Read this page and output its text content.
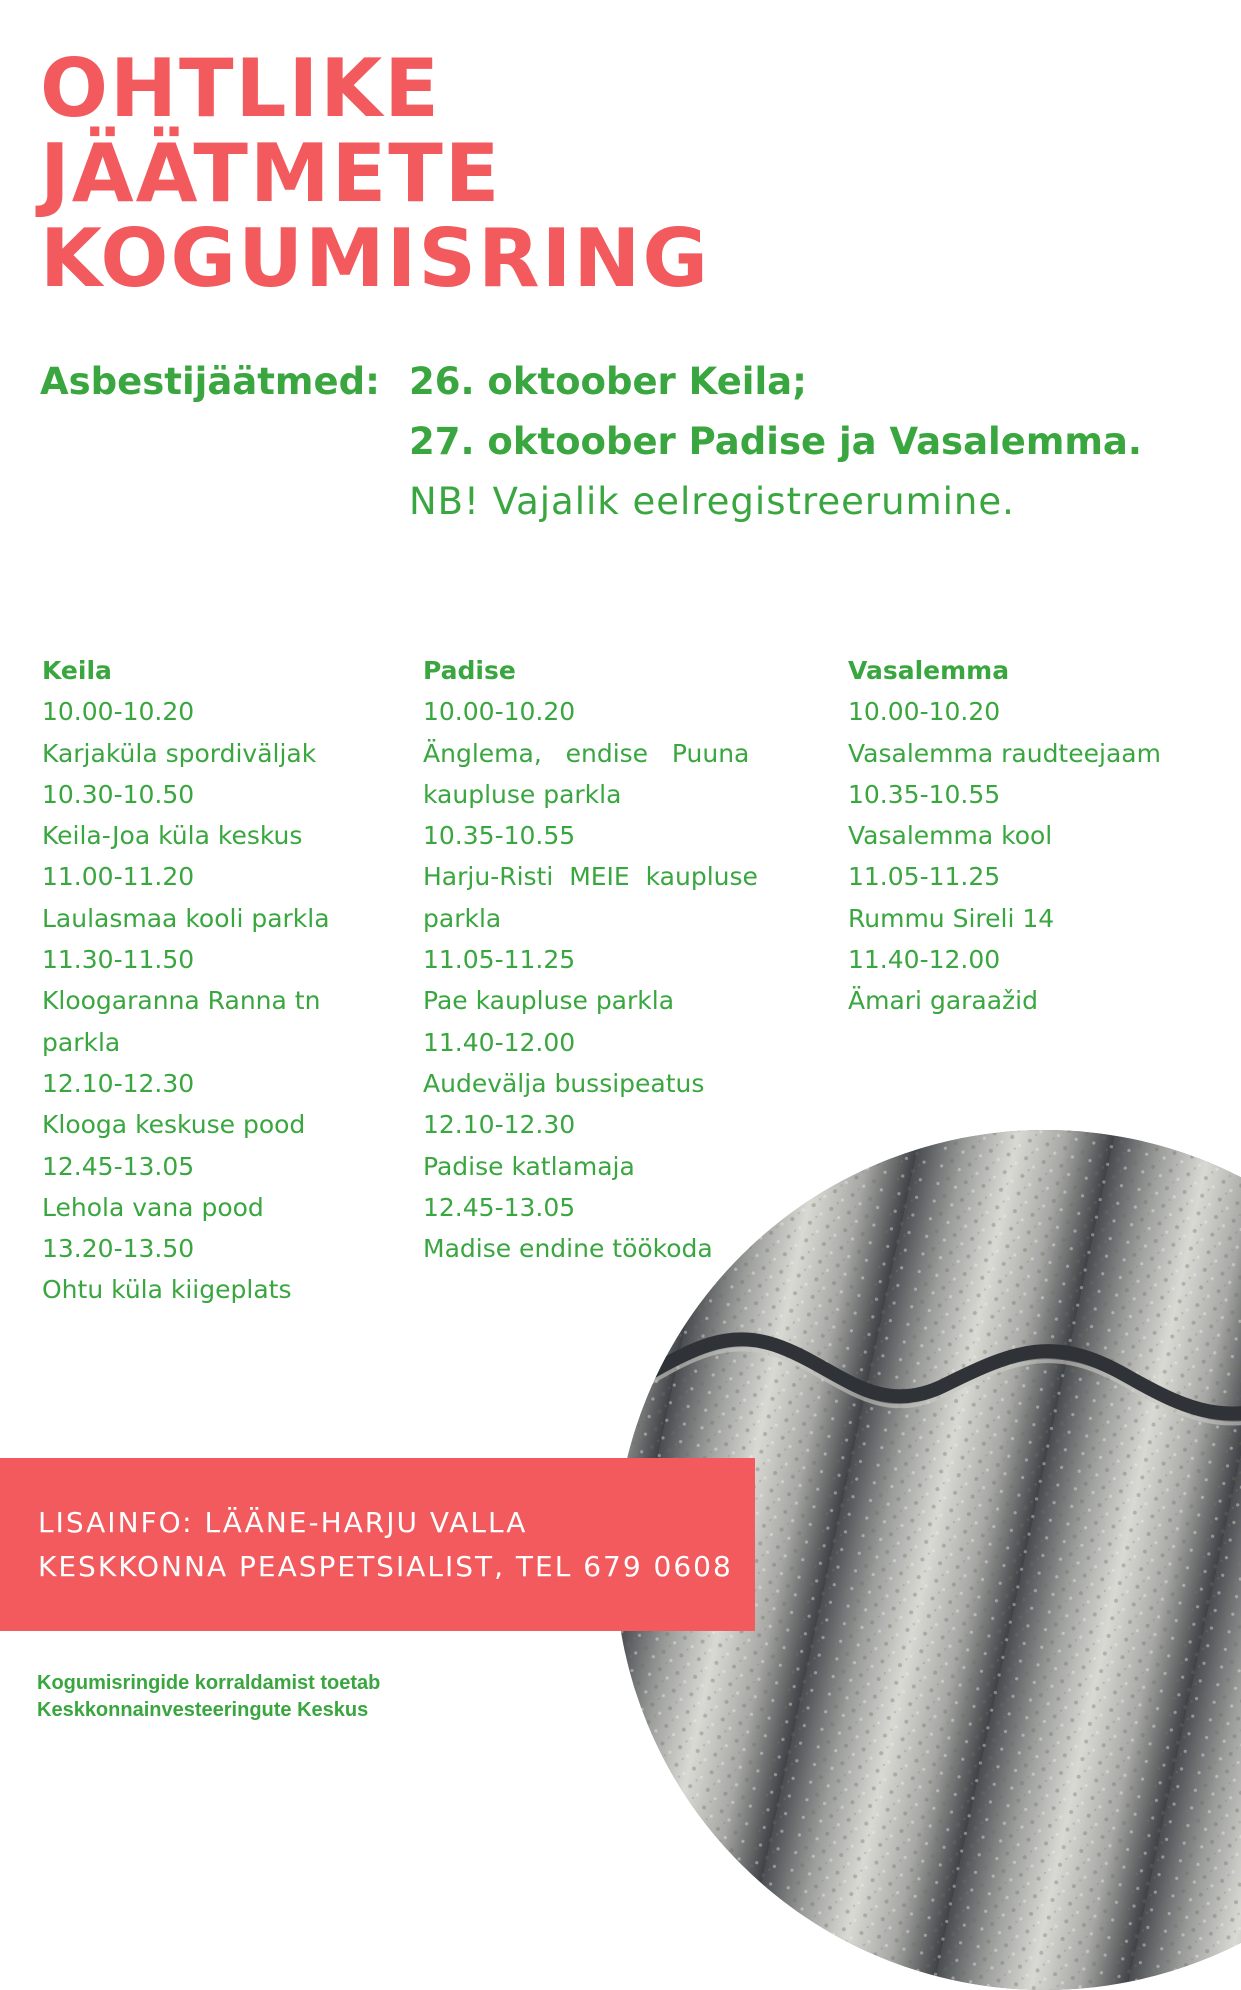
OHTLIKE
JÄÄTMETE
KOGUMISRING
Asbestijäätmed: 26. oktoober Keila;
27. oktoober Padise ja Vasalemma.
NB! Vajalik eelregistreerumine.
Keila
10.00-10.20
Karjaküla spordiväljak
10.30-10.50
Keila-Joa küla keskus
11.00-11.20
Laulasmaa kooli parkla
11.30-11.50
Kloogaranna Ranna tn
parkla
12.10-12.30
Klooga keskuse pood
12.45-13.05
Lehola vana pood
13.20-13.50
Ohtu küla kiigeplats
Padise
10.00-10.20
Änglema,   endise   Puuna
kaupluse parkla
10.35-10.55
Harju-Risti  MEIE  kaupluse
parkla
11.05-11.25
Pae kaupluse parkla
11.40-12.00
Audevälja bussipeatus
12.10-12.30
Padise katlamaja
12.45-13.05
Madise endine töökoda
Vasalemma
10.00-10.20
Vasalemma raudteejaam
10.35-10.55
Vasalemma kool
11.05-11.25
Rummu Sireli 14
11.40-12.00
Ämari garaažid
LISAINFO: LÄÄNE-HARJU VALLA
KESKKONNA PEASPETSIALIST, TEL 679 0608
Kogumisringide korraldamist toetab
Keskkonnainvesteeringute Keskus
